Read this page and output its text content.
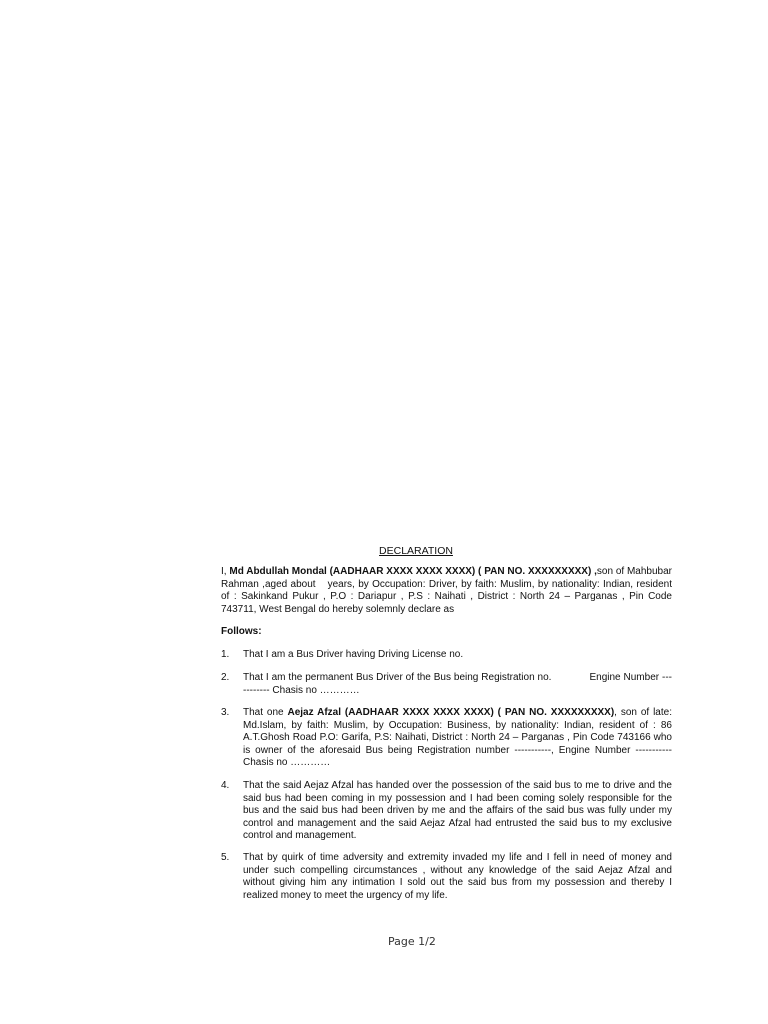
DECLARATION
I, Md Abdullah Mondal (AADHAAR XXXX XXXX XXXX) ( PAN NO. XXXXXXXXX) ,son of Mahbubar Rahman ,aged about years, by Occupation: Driver, by faith: Muslim, by nationality: Indian, resident of : Sakinkand Pukur , P.O : Dariapur , P.S : Naihati , District : North 24 – Parganas , Pin Code 743711, West Bengal do hereby solemnly declare as
Follows:
1. That I am a Bus Driver having Driving License no.
2. That I am the permanent Bus Driver of the Bus being Registration no.	Engine Number ----------- Chasis no …………
3. That one Aejaz Afzal (AADHAAR XXXX XXXX XXXX) ( PAN NO. XXXXXXXXX), son of late: Md.Islam, by faith: Muslim, by Occupation: Business, by nationality: Indian, resident of : 86 A.T.Ghosh Road P.O: Garifa, P.S: Naihati, District : North 24 – Parganas , Pin Code 743166 who is owner of the aforesaid Bus being Registration number -----------, Engine Number ----------- Chasis no …………
4. That the said Aejaz Afzal has handed over the possession of the said bus to me to drive and the said bus had been coming in my possession and I had been coming solely responsible for the bus and the said bus had been driven by me and the affairs of the said bus was fully under my control and management and the said Aejaz Afzal had entrusted the said bus to my exclusive control and management.
5. That by quirk of time adversity and extremity invaded my life and I fell in need of money and under such compelling circumstances , without any knowledge of the said Aejaz Afzal and without giving him any intimation I sold out the said bus from my possession and thereby I realized money to meet the urgency of my life.
Page 1/2
